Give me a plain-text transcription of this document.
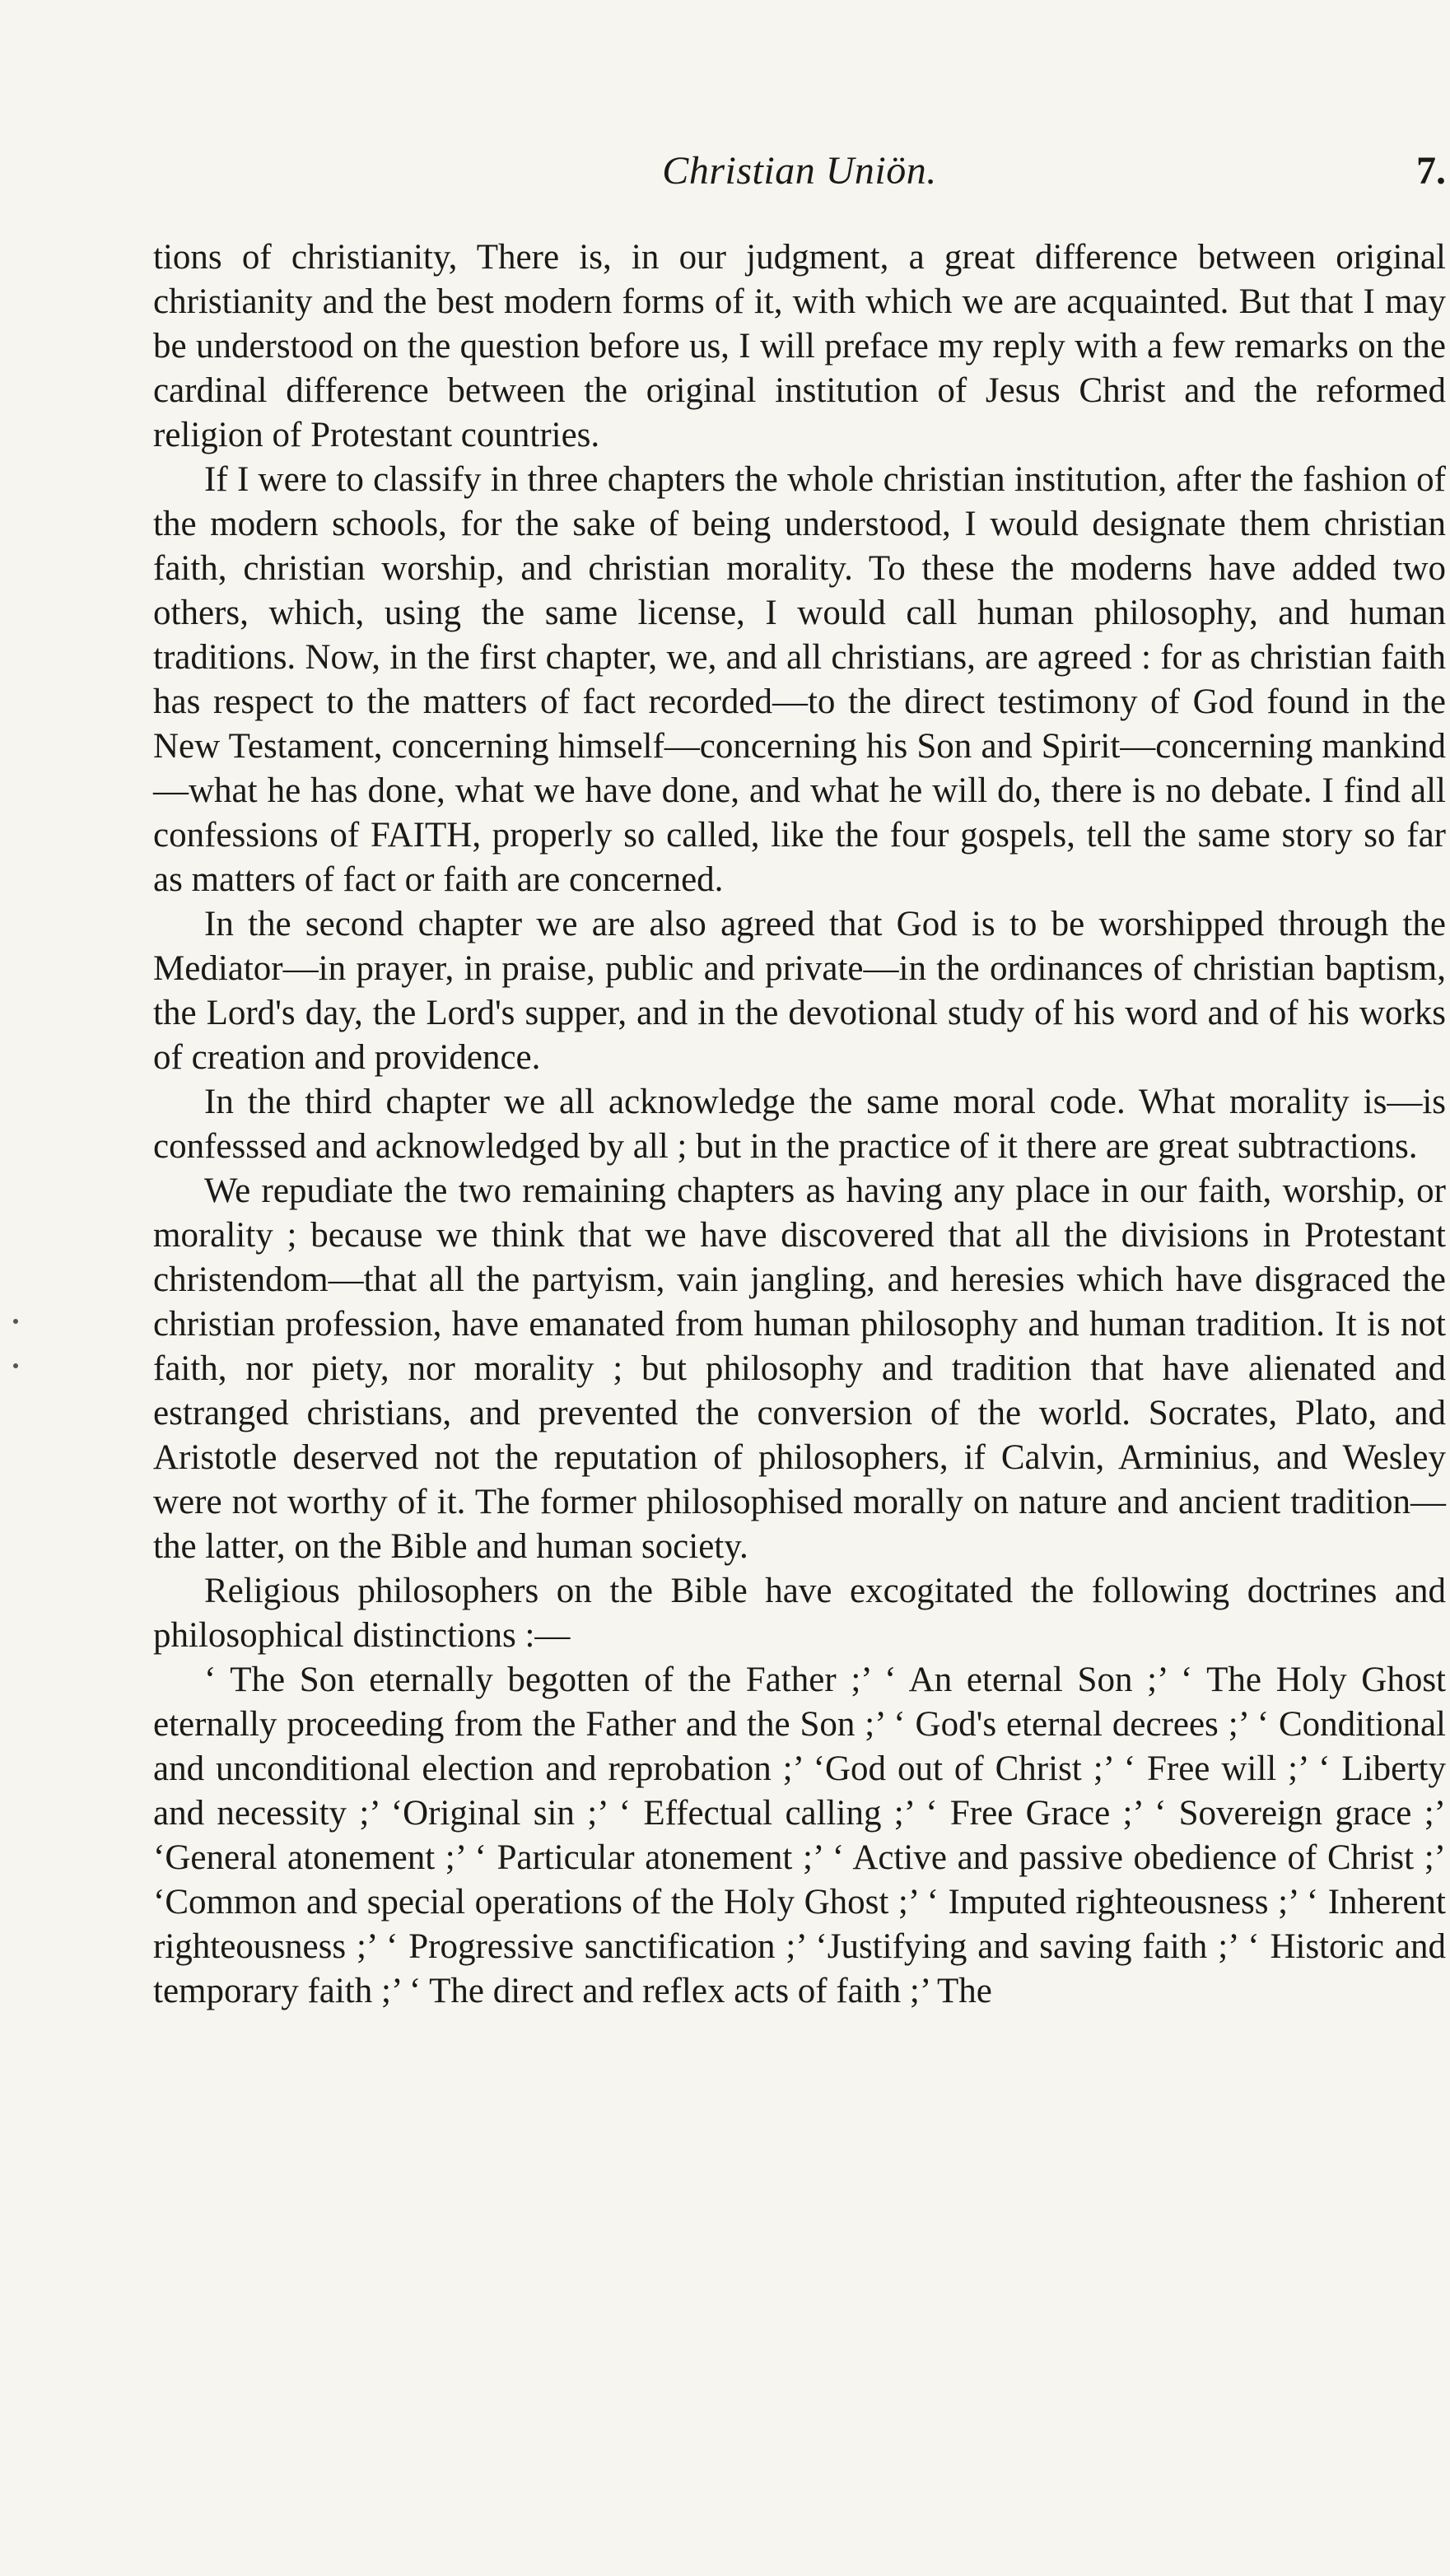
Christian Uniön.	7.

tions of christianity, There is, in our judgment, a great difference between original christianity and the best modern forms of it, with which we are acquainted. But that I may be understood on the question before us, I will preface my reply with a few remarks on the cardinal difference between the original institution of Jesus Christ and the reformed religion of Protestant countries.

If I were to classify in three chapters the whole christian institution, after the fashion of the modern schools, for the sake of being understood, I would designate them christian faith, christian worship, and christian morality. To these the moderns have added two others, which, using the same license, I would call human philosophy, and human traditions. Now, in the first chapter, we, and all christians, are agreed : for as christian faith has respect to the matters of fact recorded—to the direct testimony of God found in the New Testament, concerning himself—concerning his Son and Spirit—concerning mankind—what he has done, what we have done, and what he will do, there is no debate. I find all confessions of FAITH, properly so called, like the four gospels, tell the same story so far as matters of fact or faith are concerned.

In the second chapter we are also agreed that God is to be worshipped through the Mediator—in prayer, in praise, public and private—in the ordinances of christian baptism, the Lord's day, the Lord's supper, and in the devotional study of his word and of his works of creation and providence.

In the third chapter we all acknowledge the same moral code. What morality is—is confesssed and acknowledged by all ; but in the practice of it there are great subtractions.

We repudiate the two remaining chapters as having any place in our faith, worship, or morality ; because we think that we have discovered that all the divisions in Protestant christendom—that all the partyism, vain jangling, and heresies which have disgraced the christian profession, have emanated from human philosophy and human tradition. It is not faith, nor piety, nor morality ; but philosophy and tradition that have alienated and estranged christians, and prevented the conversion of the world. Socrates, Plato, and Aristotle deserved not the reputation of philosophers, if Calvin, Arminius, and Wesley were not worthy of it. The former philosophised morally on nature and ancient tradition—the latter, on the Bible and human society.

Religious philosophers on the Bible have excogitated the following doctrines and philosophical distinctions :—

‘ The Son eternally begotten of the Father ;’ ‘ An eternal Son ;’ ‘ The Holy Ghost eternally proceeding from the Father and the Son ;’ ‘ God's eternal decrees ;’ ‘ Conditional and unconditional election and reprobation ;’ ‘God out of Christ ;’ ‘ Free will ;’ ‘ Liberty and necessity ;’ ‘Original sin ;’ ‘ Effectual calling ;’ ‘ Free Grace ;’ ‘ Sovereign grace ;’ ‘General atonement ;’ ‘ Particular atonement ;’ ‘ Active and passive obedience of Christ ;’ ‘Common and special operations of the Holy Ghost ;’ ‘ Imputed righteousness ;’ ‘ Inherent righteousness ;’ ‘ Progressive sanctification ;’ ‘Justifying and saving faith ;’ ‘ Historic and temporary faith ;’ ‘ The direct and reflex acts of faith ;’ The
